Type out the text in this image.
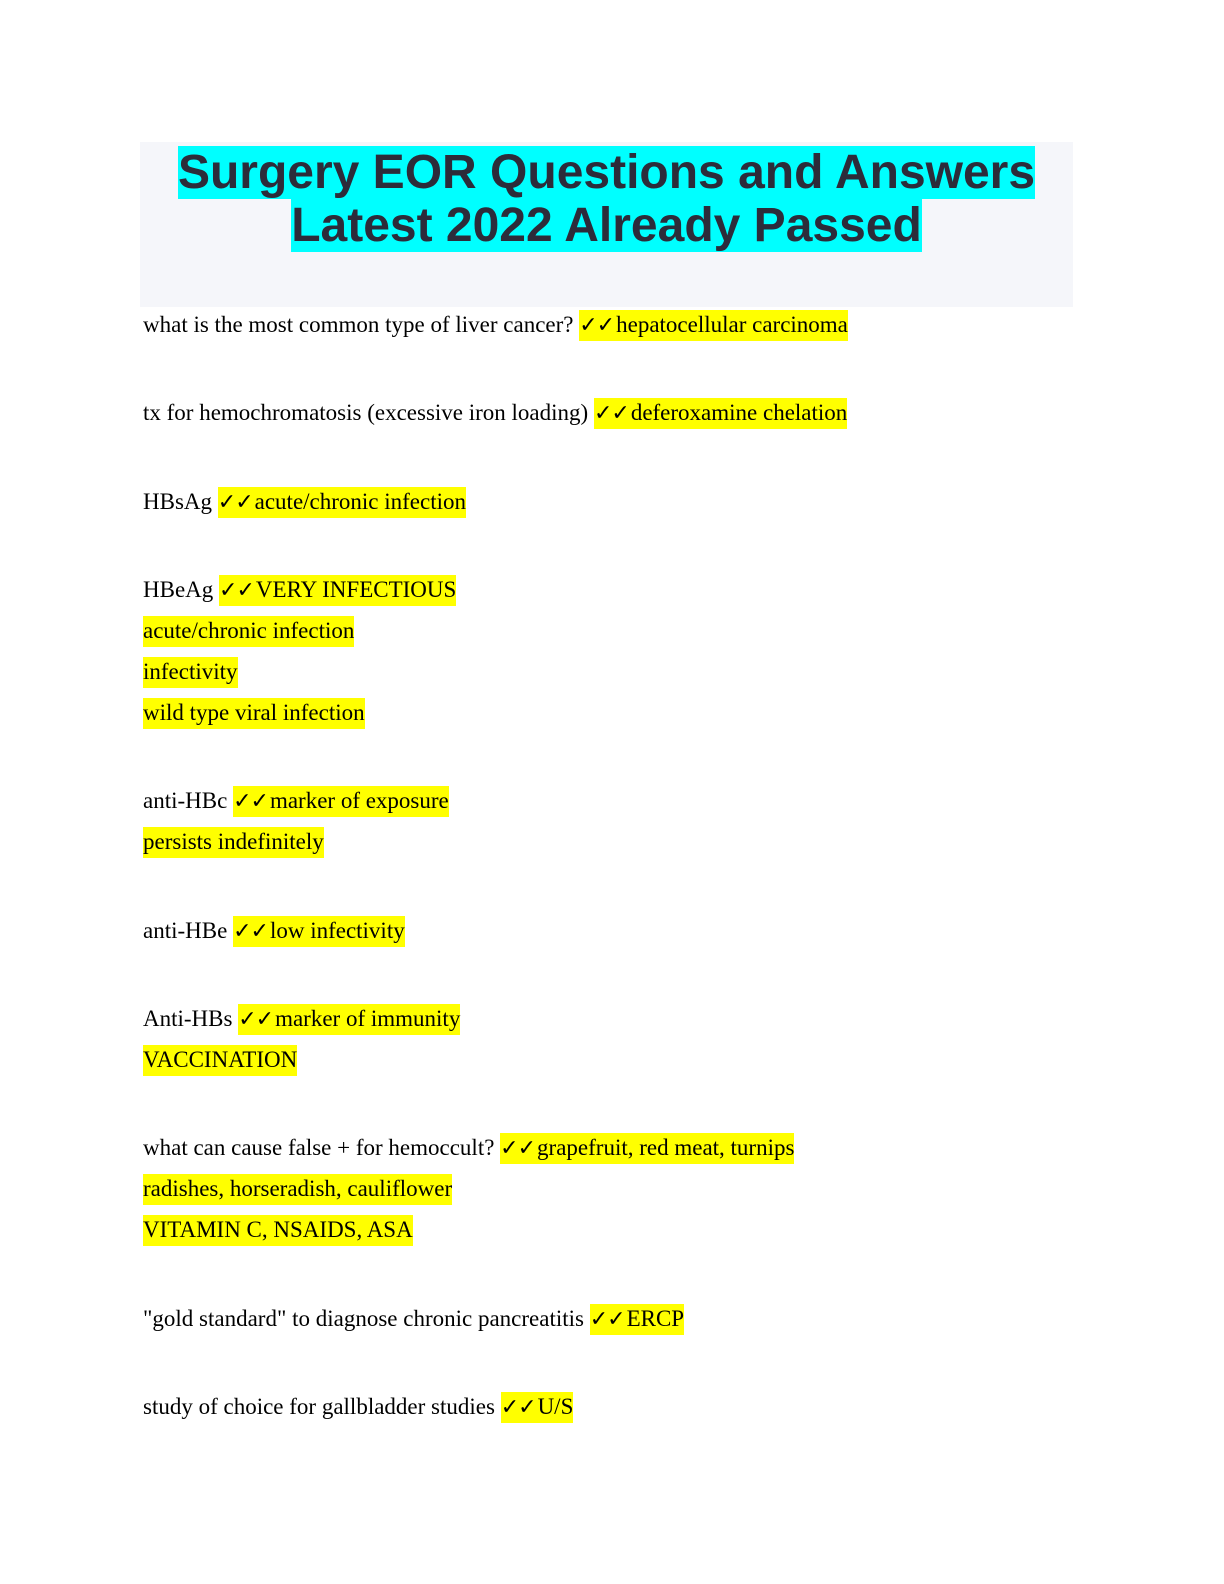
Surgery EOR Questions and Answers
Latest 2022 Already Passed
what is the most common type of liver cancer? ✓✓hepatocellular carcinoma
tx for hemochromatosis (excessive iron loading) ✓✓deferoxamine chelation
HBsAg ✓✓acute/chronic infection
HBeAg ✓✓VERY INFECTIOUS
acute/chronic infection
infectivity
wild type viral infection
anti-HBc ✓✓marker of exposure
persists indefinitely
anti-HBe ✓✓low infectivity
Anti-HBs ✓✓marker of immunity
VACCINATION
what can cause false + for hemoccult? ✓✓grapefruit, red meat, turnips
radishes, horseradish, cauliflower
VITAMIN C, NSAIDS, ASA
"gold standard" to diagnose chronic pancreatitis ✓✓ERCP
study of choice for gallbladder studies ✓✓U/S
